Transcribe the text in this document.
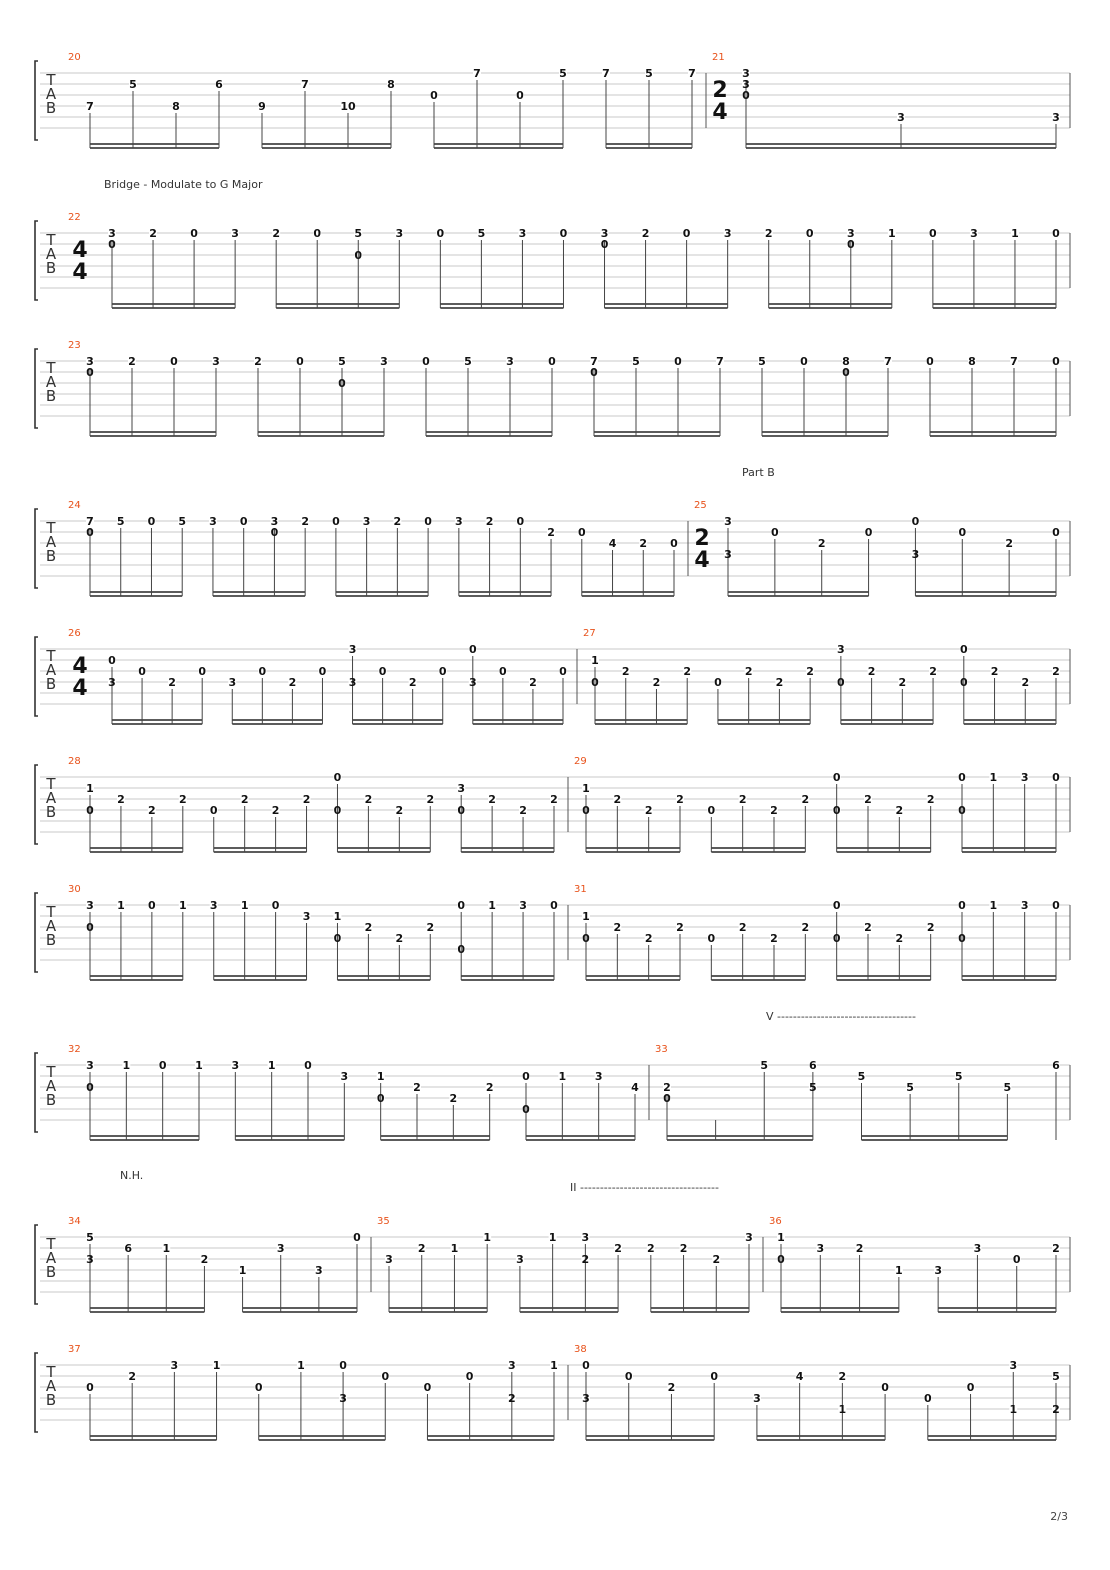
T
A
B
20
7
5
8
6
9
7
10
8
0
7
0
5	7	5	7
21
2
4
3
3
0
3	3
T
A
B
22
4
4
3
0
2	0	3	2	0	5
0
3	0	5	3	0	3
0
2	0	3	2	0	3
0
1	0	3	1	0
T
A
B
23
3
0
2	0	3	2	0	5
0
3	0	5	3	0	7
0
5	0	7	5	0	8
0
7	0	8	7	0
T
A
B
24
7
0
5 0 5 3 0 3
0
2 0 3 2 0 3 2 0
2 0
4 2 0
25
2
4
3
3
0
2
0
0
3
0
2
0
T
A
B
26
4
4
0
3
0
2
0
3
0
2
0
3
3
0
2
0
0
3
0
2
0
27
1
0
2
2
2
0
2
2
2
3
0
2
2
2
0
0
2
2
2
T
A
B
28
1
0
2
2
2
0
2
2
2
0
0
2
2
2
3
0
2
2
2
29
1
0
2
2
2
0
2
2
2
0
0
2
2
2
0
0
1 3 0
T
A
B
30
3
0
1 0 1 3 1 0
3 1
0
2
2
2
0
0
1 3 0
31
1
0
2
2
2
0
2
2
2
0
0
2
2
2
0
0
1 3 0
T
A
B
32
3
0
1	0	1	3	1	0
3	1
0
2
2
2
0
0
1	3
4
33
2
0
5	6
5
5
5
5
5
6
T
A
B
34
5
3
6	1
2
1
3
3
0
35
3
2 1
1
3
1 3
2
2 2 2
2
3
36
1
0
3	2
1	3
3
0
2
T
A
B
37
0
2
3	1
0
1
3
0
0
0
0
2
3	1
38
0
3
0
2
0
3
4	2
1
0
0
0
3
1
5
2
Bridge - Modulate to G Major
Part B
V -----------------------------------
N.H.
II -----------------------------------
2/3
